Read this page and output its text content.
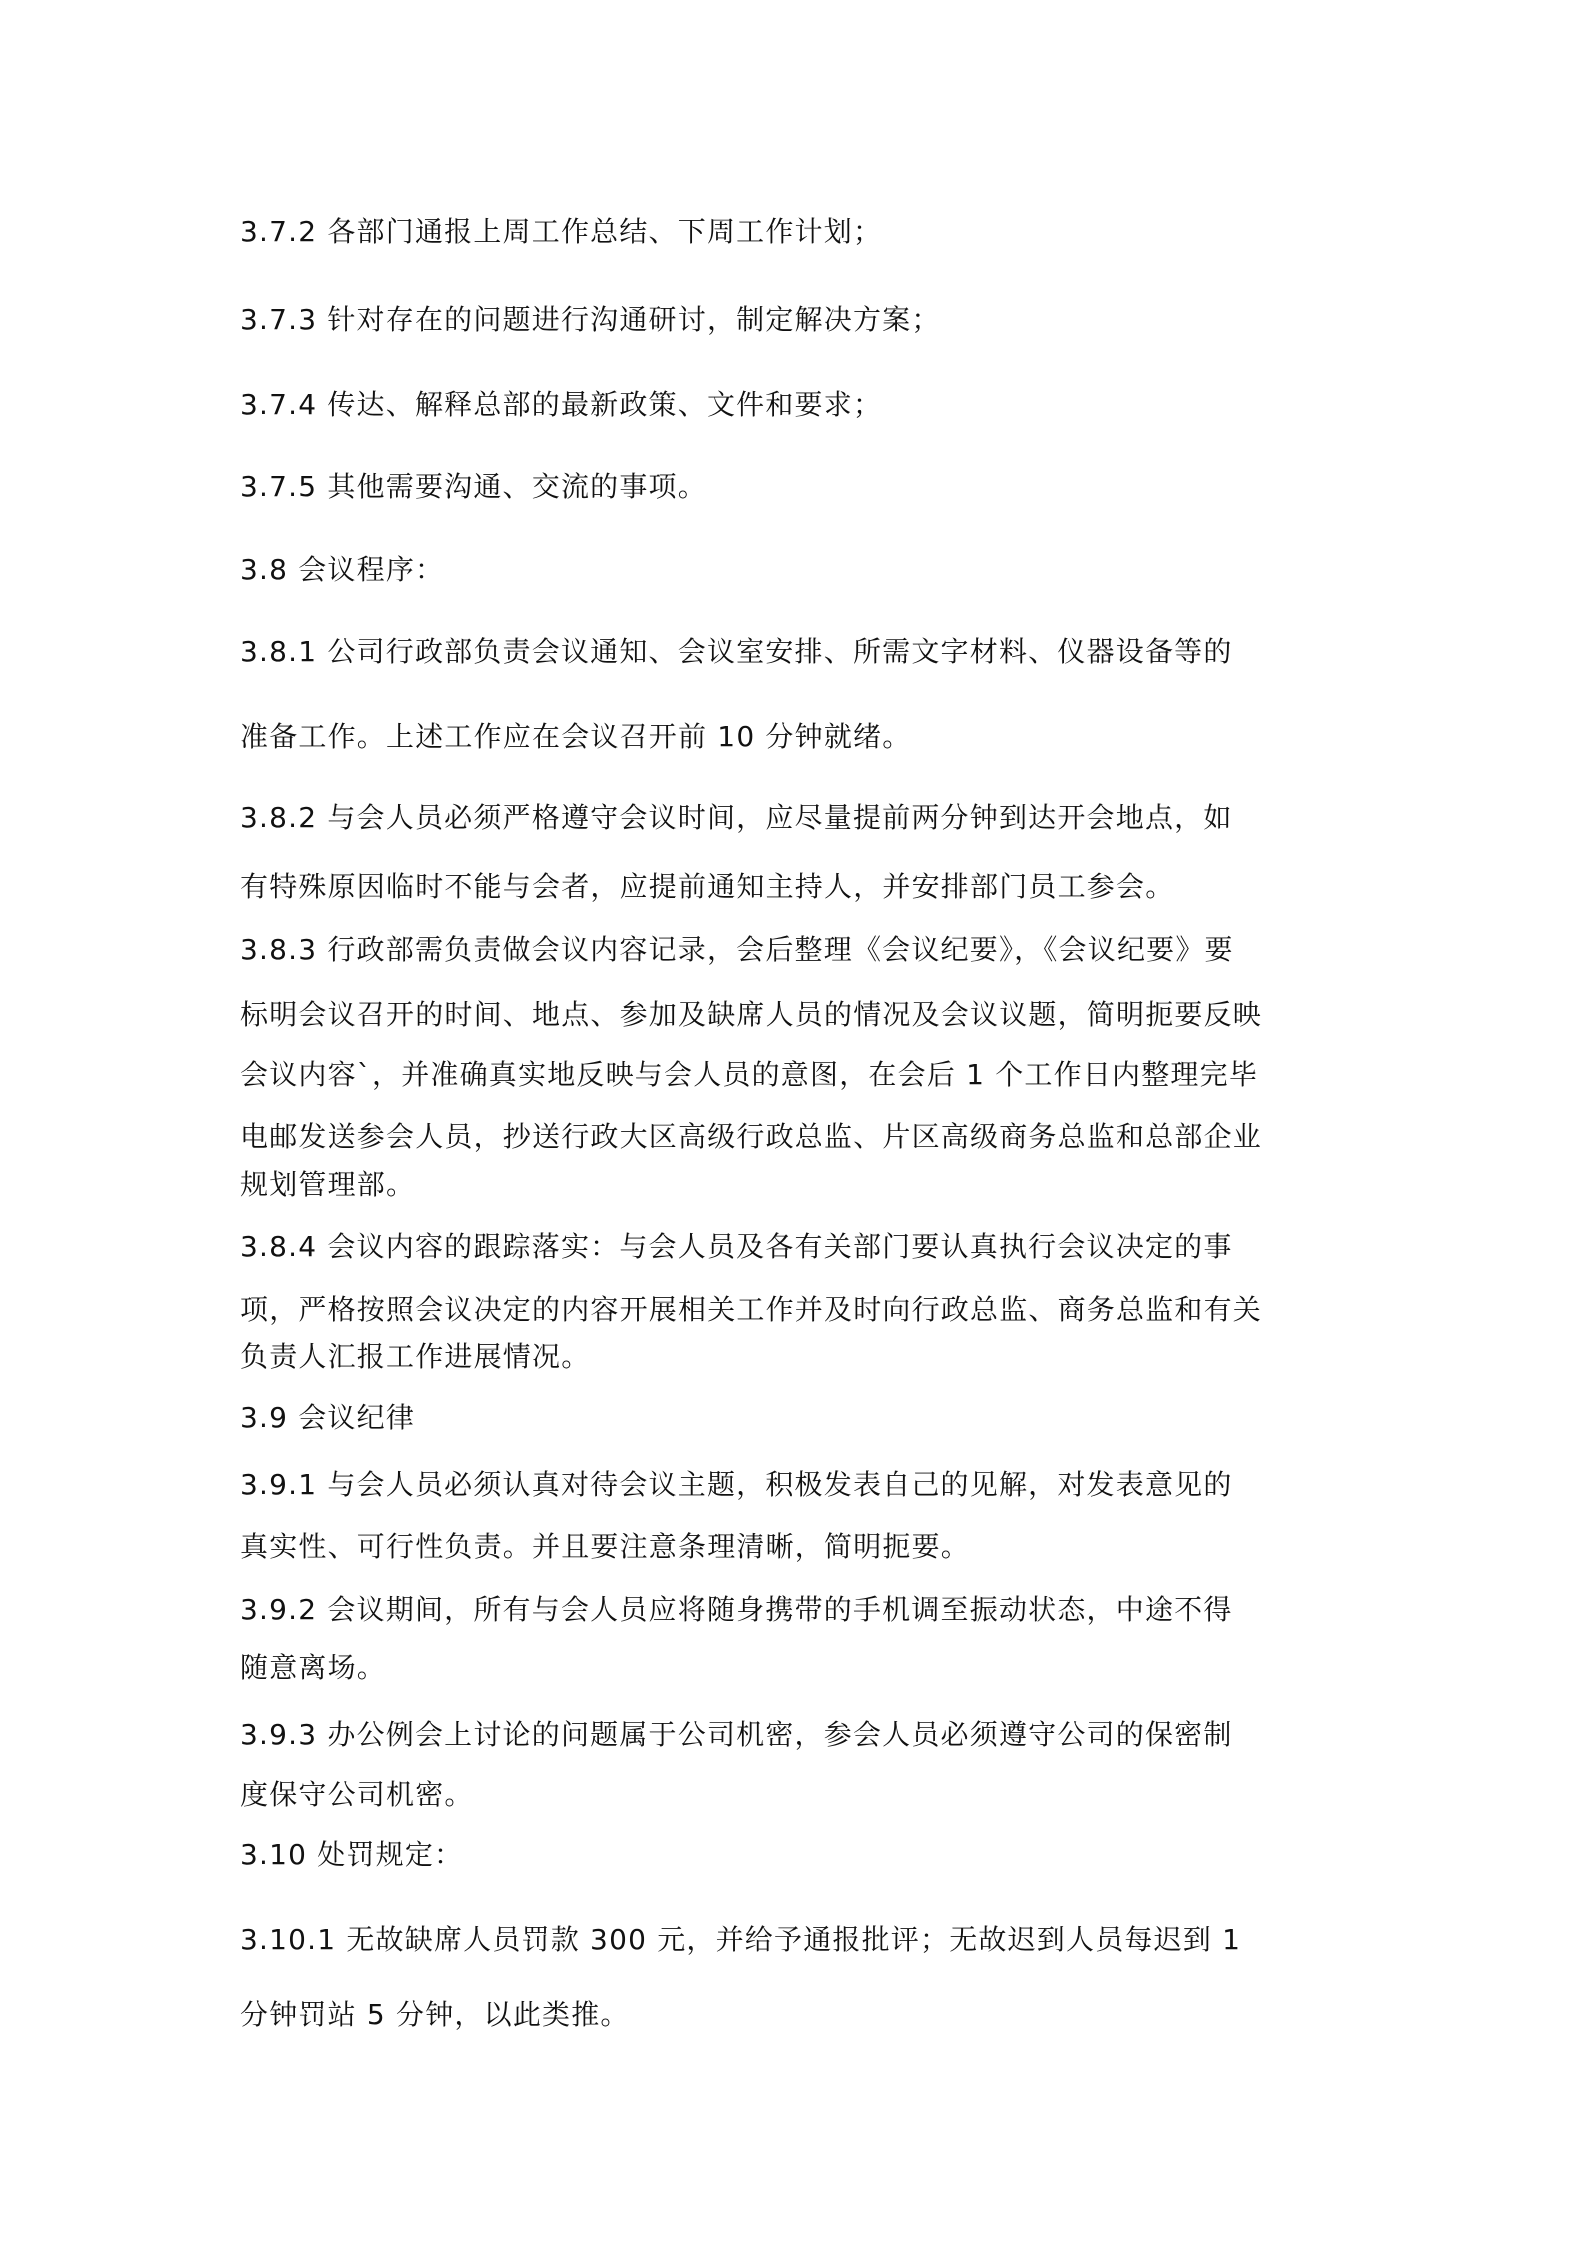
3.7.2 各部门通报上周工作总结、下周工作计划；
3.7.3 针对存在的问题进行沟通研讨，制定解决方案；
3.7.4 传达、解释总部的最新政策、文件和要求；
3.7.5 其他需要沟通、交流的事项。
3.8 会议程序：
3.8.1 公司行政部负责会议通知、会议室安排、所需文字材料、仪器设备等的
准备工作。上述工作应在会议召开前 10 分钟就绪。
3.8.2 与会人员必须严格遵守会议时间，应尽量提前两分钟到达开会地点，如
有特殊原因临时不能与会者，应提前通知主持人，并安排部门员工参会。
3.8.3 行政部需负责做会议内容记录，会后整理《会议纪要》，《会议纪要》要
标明会议召开的时间、地点、参加及缺席人员的情况及会议议题，简明扼要反映
会议内容`，并准确真实地反映与会人员的意图，在会后 1 个工作日内整理完毕
电邮发送参会人员，抄送行政大区高级行政总监、片区高级商务总监和总部企业
规划管理部。
3.8.4 会议内容的跟踪落实：与会人员及各有关部门要认真执行会议决定的事
项，严格按照会议决定的内容开展相关工作并及时向行政总监、商务总监和有关
负责人汇报工作进展情况。
3.9 会议纪律
3.9.1 与会人员必须认真对待会议主题，积极发表自己的见解，对发表意见的
真实性、可行性负责。并且要注意条理清晰，简明扼要。
3.9.2 会议期间，所有与会人员应将随身携带的手机调至振动状态，中途不得
随意离场。
3.9.3 办公例会上讨论的问题属于公司机密，参会人员必须遵守公司的保密制
度保守公司机密。
3.10 处罚规定：
3.10.1 无故缺席人员罚款 300 元，并给予通报批评；无故迟到人员每迟到 1
分钟罚站 5 分钟，以此类推。
